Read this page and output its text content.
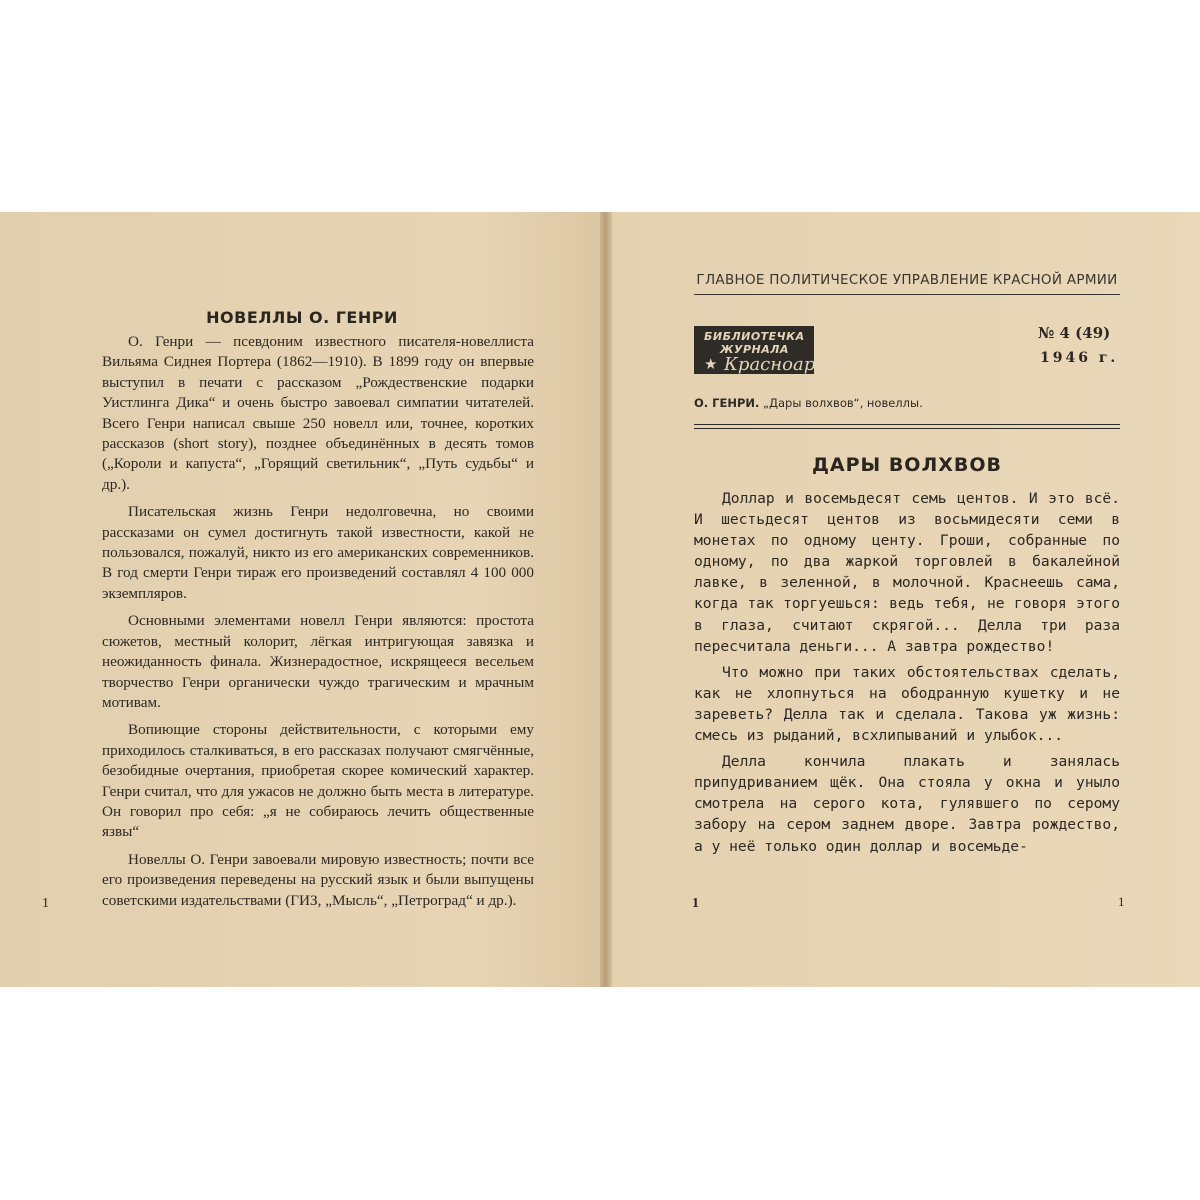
НОВЕЛЛЫ О. ГЕНРИ

О. Генри — псевдоним известного писателя-новеллиста Вильяма Сиднея Портера (1862—1910). В 1899 году он впервые выступил в печати с рассказом „Рождественские подарки Уистлинга Дика“ и очень быстро завоевал симпатии читателей. Всего Генри написал свыше 250 новелл или, точнее, коротких рассказов (short story), позднее объединённых в десять томов („Короли и капуста“, „Горящий светильник“, „Путь судьбы“ и др.).

Писательская жизнь Генри недолговечна, но своими рассказами он сумел достигнуть такой известности, какой не пользовался, пожалуй, никто из его американских современников. В год смерти Генри тираж его произведений составлял 4 100 000 экземпляров.

Основными элементами новелл Генри являются: простота сюжетов, местный колорит, лёгкая интригующая завязка и неожиданность финала. Жизнерадостное, искрящееся весельем творчество Генри органически чуждо трагическим и мрачным мотивам.

Вопиющие стороны действительности, с которыми ему приходилось сталкиваться, в его рассказах получают смягчённые, безобидные очертания, приобретая скорее комический характер. Генри считал, что для ужасов не должно быть места в литературе. Он говорил про себя: „я не собираюсь лечить общественные язвы“

Новеллы О. Генри завоевали мировую известность; почти все его произведения переведены на русский язык и были выпущены советскими издательствами (ГИЗ, „Мысль“, „Петроград“ и др.).

1
ГЛАВНОЕ ПОЛИТИЧЕСКОЕ УПРАВЛЕНИЕ КРАСНОЙ АРМИИ
БИБЛИОТЕЧКА
ЖУРНАЛА
★ Красноармеец
№ 4 (49)
1946 г.
О. ГЕНРИ. „Дары волхвов“, новеллы.
ДАРЫ ВОЛХВОВ

Доллар и восемьдесят семь центов. И это всё. И шестьдесят центов из восьмидесяти семи в монетах по одному центу. Гроши, собранные по одному, по два жаркой торговлей в бакалейной лавке, в зеленной, в молочной. Краснеешь сама, когда так торгуешься: ведь тебя, не говоря этого в глаза, считают скрягой... Делла три раза пересчитала деньги... А завтра рождество!

Что можно при таких обстоятельствах сделать, как не хлопнуться на ободранную кушетку и не зареветь? Делла так и сделала. Такова уж жизнь: смесь из рыданий, всхлипываний и улыбок...

Делла кончила плакать и занялась припудриванием щёк. Она стояла у окна и уныло смотрела на серого кота, гулявшего по серому забору на сером заднем дворе. Завтра рождество, а у неё только один доллар и восемьде-

1	1
